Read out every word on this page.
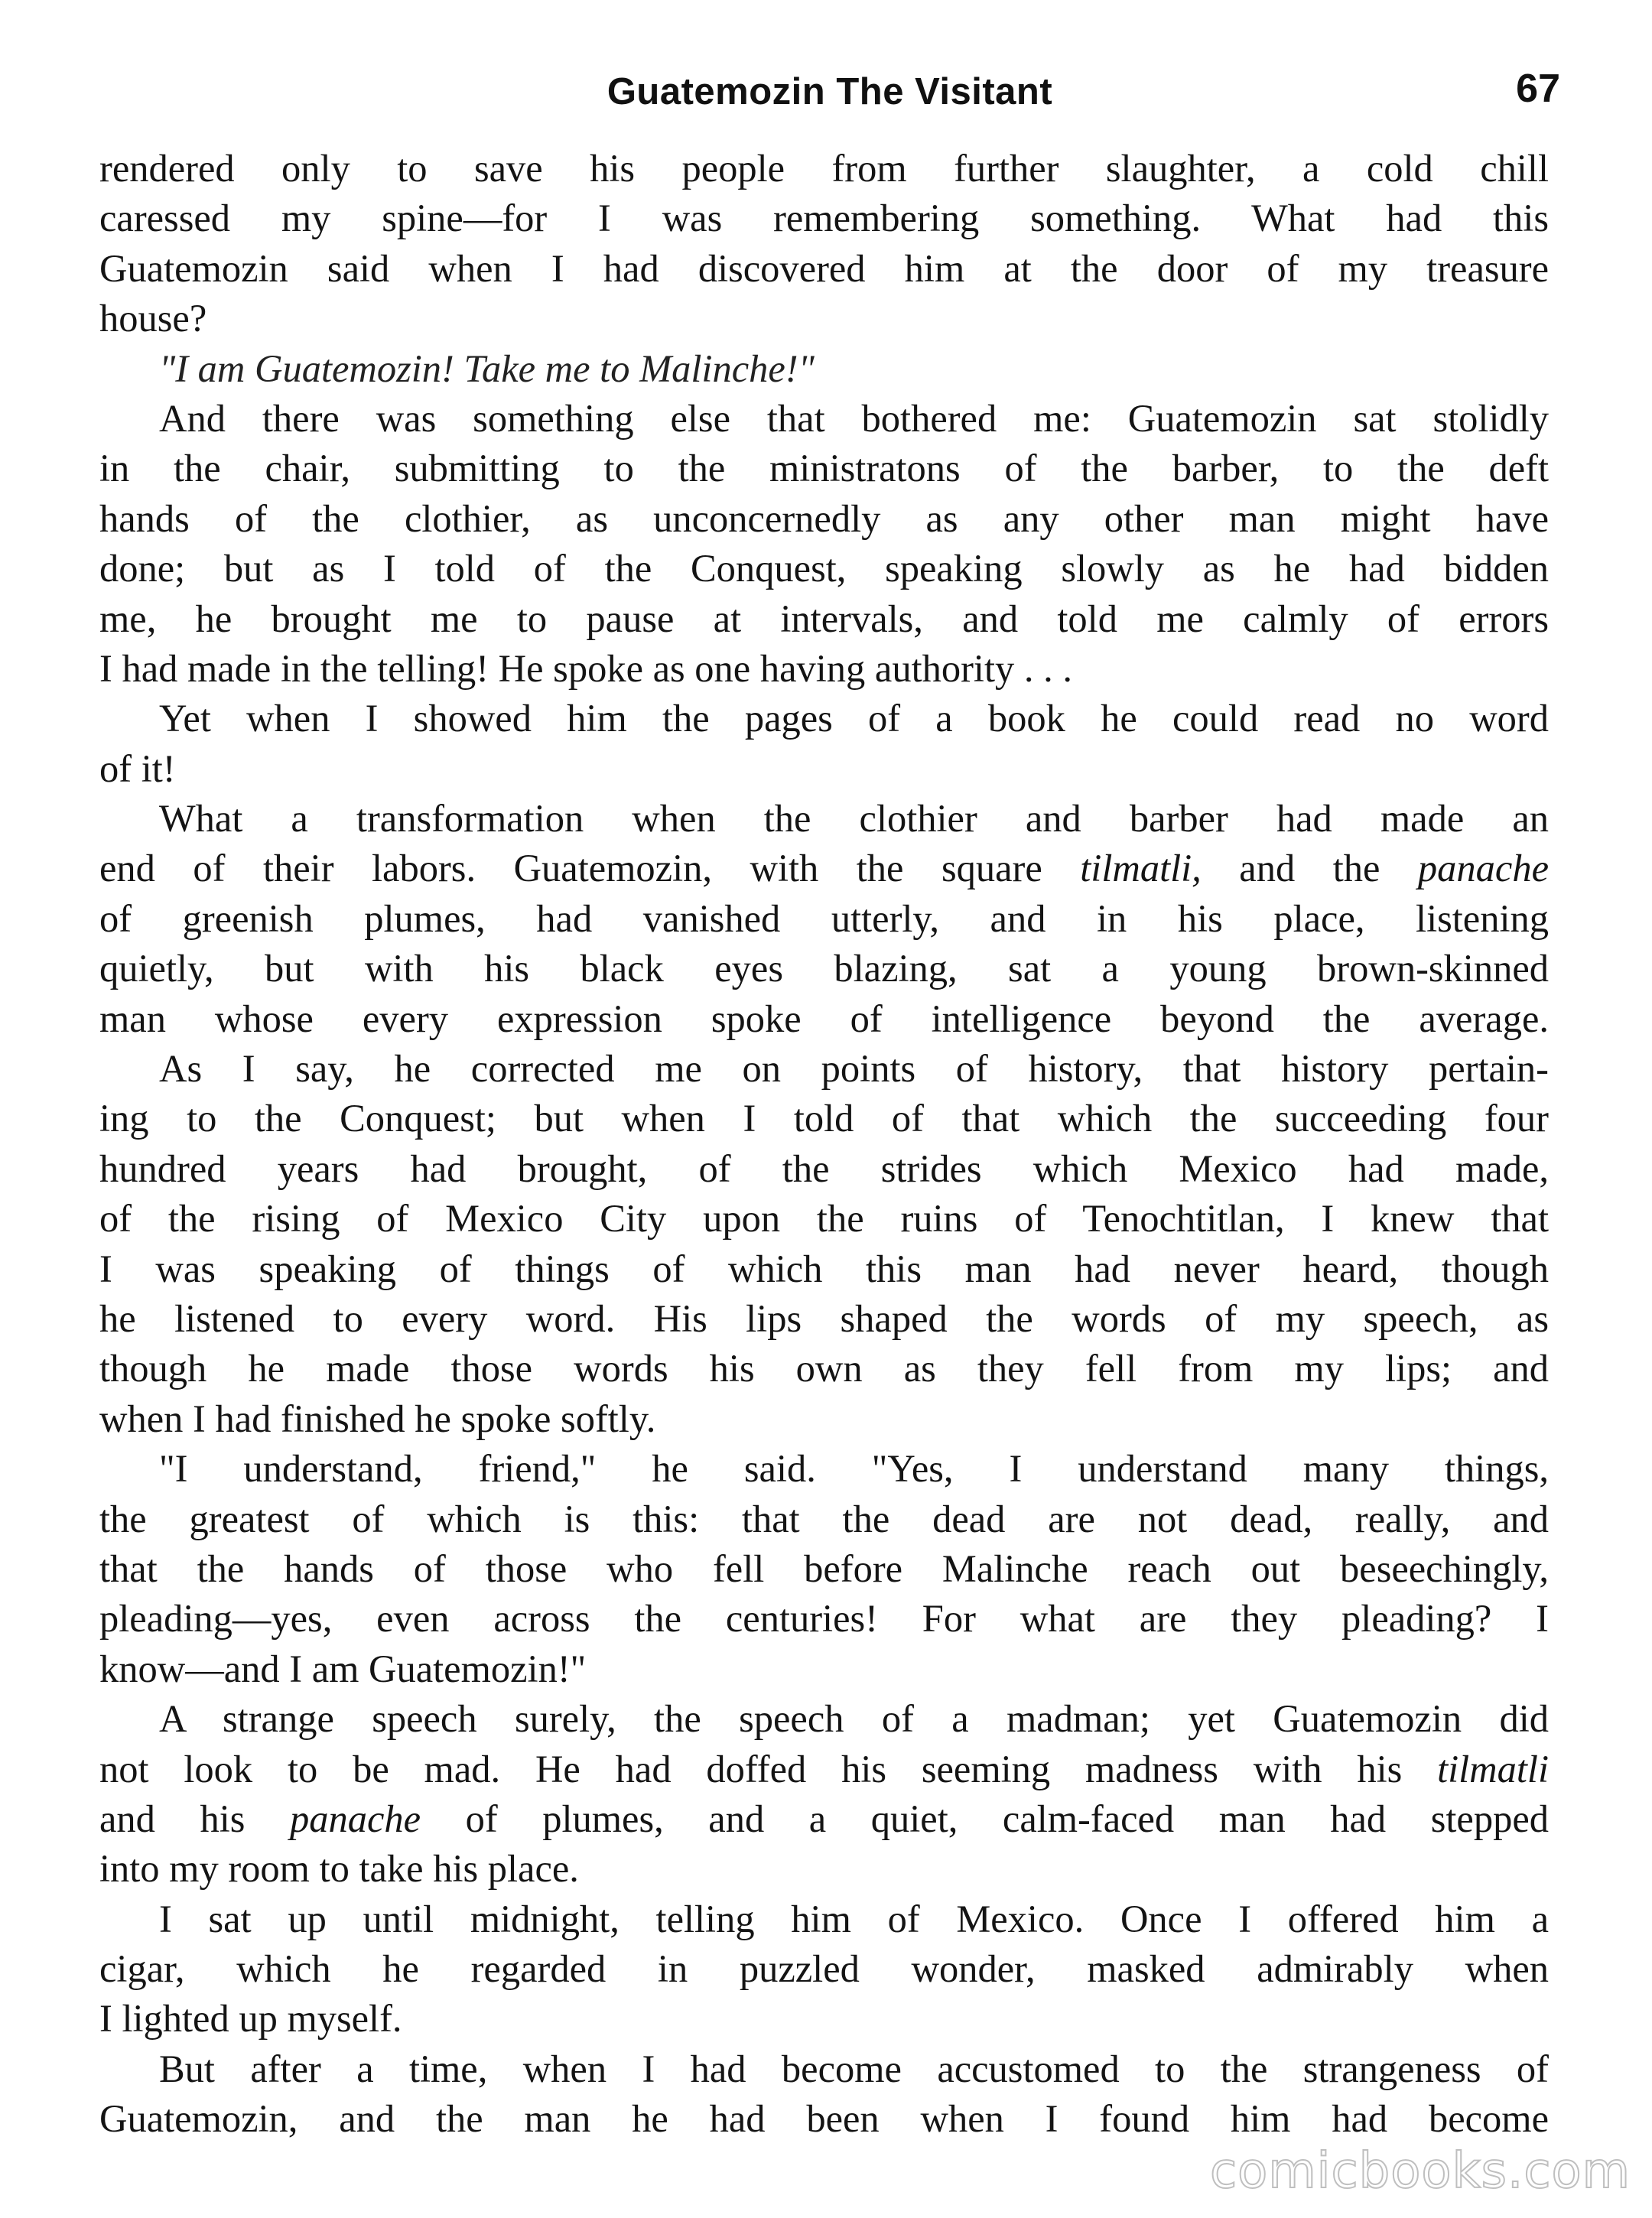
Guatemozin The Visitant	67
rendered only to save his people from further slaughter, a cold chill
caressed my spine—for I was remembering something. What had this
Guatemozin said when I had discovered him at the door of my treasure
house?
"I am Guatemozin! Take me to Malinche!"
And there was something else that bothered me: Guatemozin sat stolidly
in the chair, submitting to the ministratons of the barber, to the deft
hands of the clothier, as unconcernedly as any other man might have
done; but as I told of the Conquest, speaking slowly as he had bidden
me, he brought me to pause at intervals, and told me calmly of errors
I had made in the telling! He spoke as one having authority . . .
Yet when I showed him the pages of a book he could read no word
of it!
What a transformation when the clothier and barber had made an
end of their labors. Guatemozin, with the square tilmatli, and the panache
of greenish plumes, had vanished utterly, and in his place, listening
quietly, but with his black eyes blazing, sat a young brown-skinned
man whose every expression spoke of intelligence beyond the average.
As I say, he corrected me on points of history, that history pertain-
ing to the Conquest; but when I told of that which the succeeding four
hundred years had brought, of the strides which Mexico had made,
of the rising of Mexico City upon the ruins of Tenochtitlan, I knew that
I was speaking of things of which this man had never heard, though
he listened to every word. His lips shaped the words of my speech, as
though he made those words his own as they fell from my lips; and
when I had finished he spoke softly.
"I understand, friend," he said. "Yes, I understand many things,
the greatest of which is this: that the dead are not dead, really, and
that the hands of those who fell before Malinche reach out beseechingly,
pleading—yes, even across the centuries! For what are they pleading? I
know—and I am Guatemozin!"
A strange speech surely, the speech of a madman; yet Guatemozin did
not look to be mad. He had doffed his seeming madness with his tilmatli
and his panache of plumes, and a quiet, calm-faced man had stepped
into my room to take his place.
I sat up until midnight, telling him of Mexico. Once I offered him a
cigar, which he regarded in puzzled wonder, masked admirably when
I lighted up myself.
But after a time, when I had become accustomed to the strangeness of
Guatemozin, and the man he had been when I found him had become
comicbooks.com
